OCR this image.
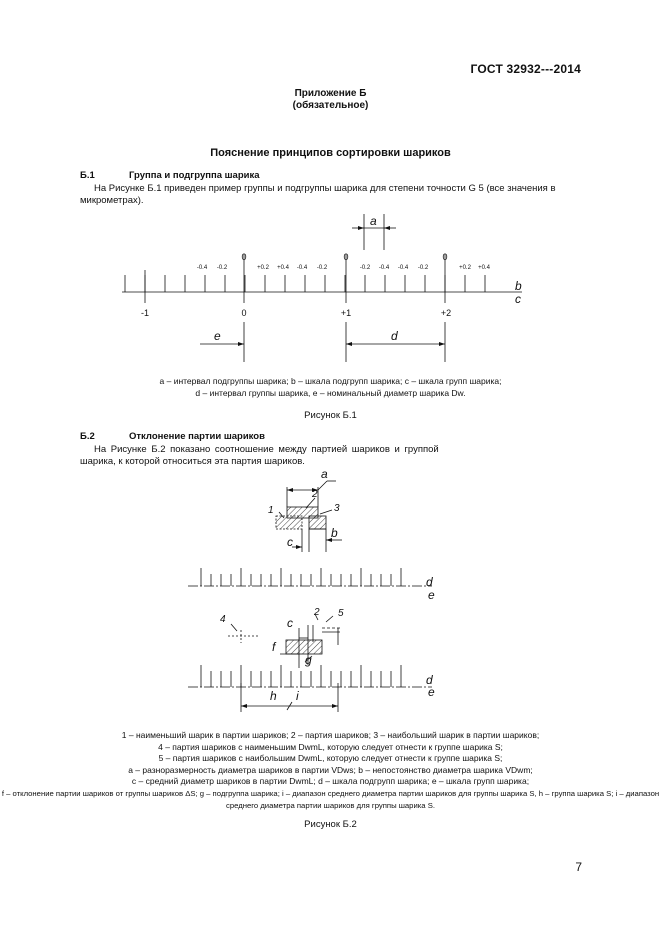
ГОСТ 32932---2014
Приложение Б
(обязательное)
Пояснение принципов сортировки шариков
Б.1	Группа и подгруппа шарика
На Рисунке Б.1 приведен пример группы и подгруппы шарика для степени точности G 5 (все значения в микрометрах).
-0.4 -0.2	+0.2 +0.4 -0.4 -0.2	-0.2 -0.4 -0.4 -0.2	+0.2 +0.4
0	0	0
-1	0	+1	+2
a
b
c
e	d
a – интервал подгруппы шарика; b – шкала подгрупп шарика; c – шкала групп шарика;
d – интервал группы шарика, e – номинальный диаметр шарика Dw.
Рисунок Б.1
Б.2	Отклонение партии шариков
На Рисунке Б.2 показано соотношение между партией шариков и группой
шарика, к которой относиться эта партия шариков.
a
b
c
d
e
c
f
g
d
e
h i
1
2
3
4
2 5
1 – наименьший шарик в партии шариков; 2 – партия шариков; 3 – наибольший шарик в партии шариков;
4 – партия шариков с наименьшим DwmL, которую следует отнести к группе шарика S;
5 – партия шариков с наибольшим DwmL, которую следует отнести к группе шарика S;
a – разноразмерность диаметра шариков в партии VDws; b – непостоянство диаметра шарика VDwm;
c – средний диаметр шариков в партии DwmL; d – шкала подгрупп шарика; e – шкала групп шарика;
f – отклонение партии шариков от группы шариков ΔS; g – подгруппа шарика; i – диапазон среднего диаметра партии шариков для группы шарика S, h – группа шарика S; i – диапазон среднего диаметра партии шариков для группы шарика S.
Рисунок Б.2
7
